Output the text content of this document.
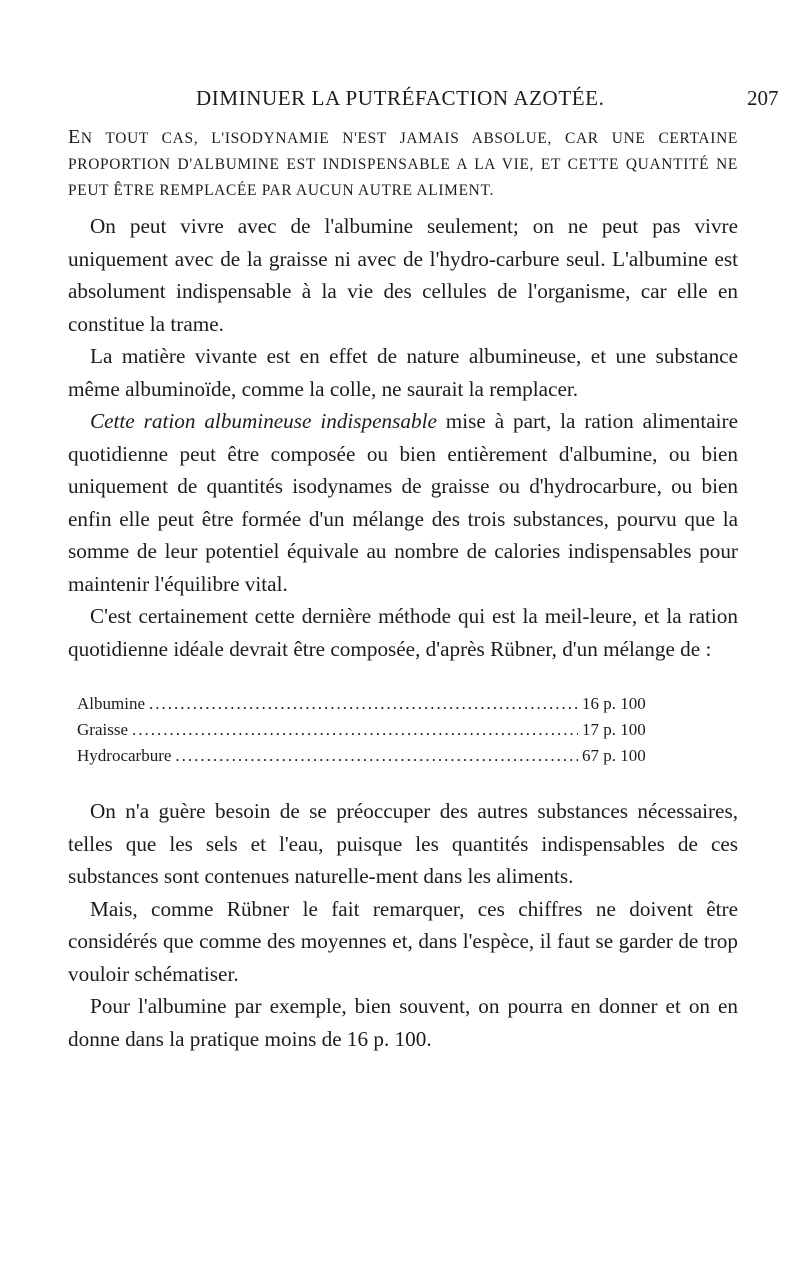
DIMINUER LA PUTRÉFACTION AZOTÉE.	207

EN TOUT CAS, L'ISODYNAMIE N'EST JAMAIS ABSOLUE, CAR UNE CERTAINE PROPORTION D'ALBUMINE EST INDISPENSABLE A LA VIE, ET CETTE QUANTITÉ NE PEUT ÊTRE REMPLACÉE PAR AUCUN AUTRE ALIMENT.

On peut vivre avec de l'albumine seulement; on ne peut pas vivre uniquement avec de la graisse ni avec de l'hydro-carbure seul. L'albumine est absolument indispensable à la vie des cellules de l'organisme, car elle en constitue la trame.

La matière vivante est en effet de nature albumineuse, et une substance même albuminoïde, comme la colle, ne saurait la remplacer.

Cette ration albumineuse indispensable mise à part, la ration alimentaire quotidienne peut être composée ou bien entièrement d'albumine, ou bien uniquement de quantités isodynames de graisse ou d'hydrocarbure, ou bien enfin elle peut être formée d'un mélange des trois substances, pourvu que la somme de leur potentiel équivale au nombre de calories indispensables pour maintenir l'équilibre vital.

C'est certainement cette dernière méthode qui est la meil-leure, et la ration quotidienne idéale devrait être composée, d'après Rübner, d'un mélange de :

Albumine .....	16 p. 100
Graisse .....	17 p. 100
Hydrocarbure .....	67 p. 100

On n'a guère besoin de se préoccuper des autres substances nécessaires, telles que les sels et l'eau, puisque les quantités indispensables de ces substances sont contenues naturelle-ment dans les aliments.

Mais, comme Rübner le fait remarquer, ces chiffres ne doivent être considérés que comme des moyennes et, dans l'espèce, il faut se garder de trop vouloir schématiser.

Pour l'albumine par exemple, bien souvent, on pourra en donner et on en donne dans la pratique moins de 16 p. 100.
